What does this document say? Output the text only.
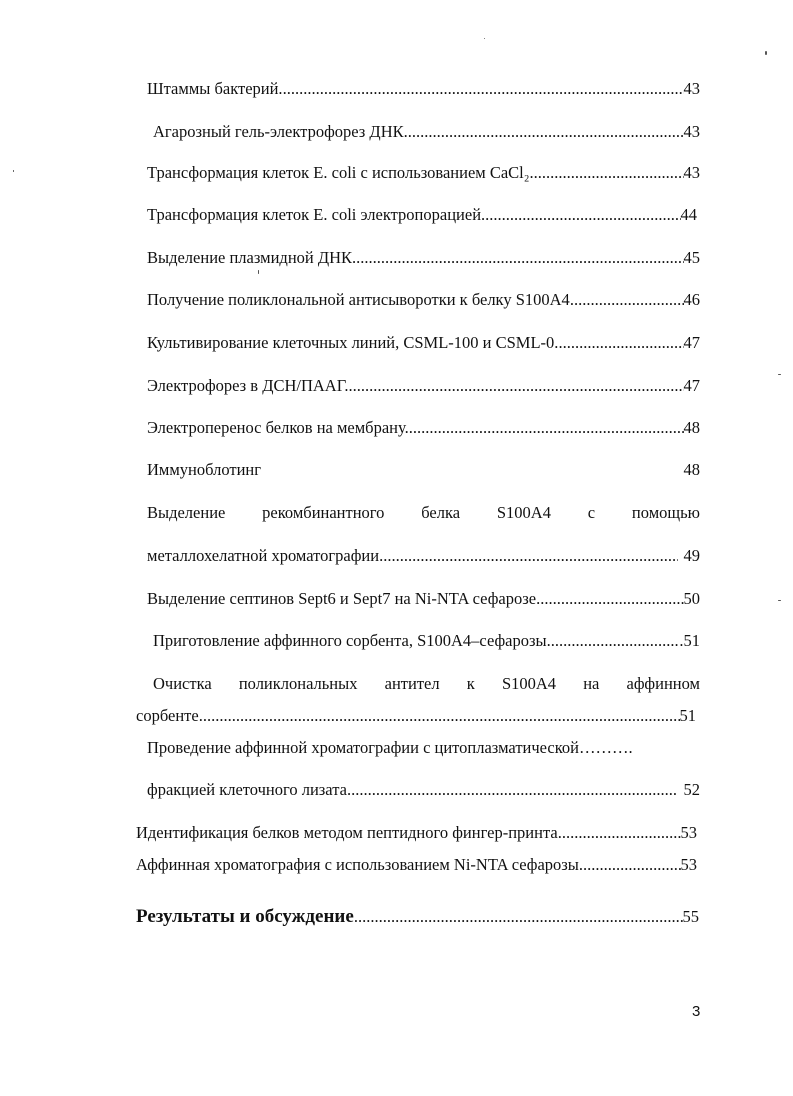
Штаммы бактерий. .....	43
Агарозный гель-электрофорез ДНК .....	43
Трансформация клеток E. coli с использованием CaCl₂ .....	43
Трансформация клеток E. coli электропорацией .....	44
Выделение плазмидной ДНК. .....	45
Получение поликлональной антисыворотки к белку S100A4 .....	46
Культивирование клеточных линий, CSML-100 и CSML-0. .....	47
Электрофорез в ДСН/ПААГ. .....	47
Электроперенос белков на мембрану. .....	48
Иммуноблотинг	48
Выделение рекомбинантного белка S100A4 с помощью
металлохелатной хроматографии .....	49
Выделение септинов Sept6 и Sept7 на Ni-NTA сефарозе .....	50
Приготовление аффинного сорбента, S100A4–сефарозы .....	.51
Очистка поликлональных антител к S100A4 на аффинном
сорбенте .....	51
Проведение аффинной хроматографии с цитоплазматической……….
фракцией клеточного лизата .....	52
Идентификация белков методом пептидного фингер-принта .....	53
Аффинная хроматография с использованием Ni-NTA сефарозы .....	53
Результаты и обсуждение .....	55
3
